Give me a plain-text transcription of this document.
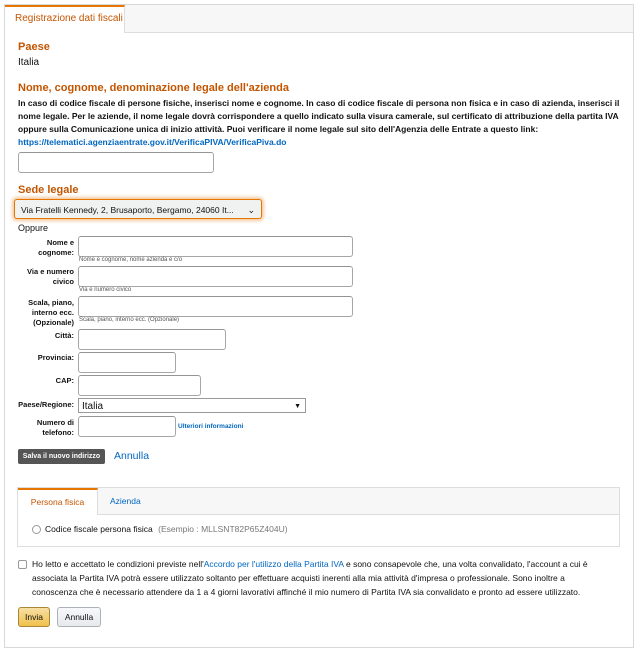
Registrazione dati fiscali
Paese
Italia
Nome, cognome, denominazione legale dell'azienda
In caso di codice fiscale di persone fisiche, inserisci nome e cognome. In caso di codice fiscale di persona non fisica e in caso di azienda, inserisci il nome legale. Per le aziende, il nome legale dovrà corrispondere a quello indicato sulla visura camerale, sul certificato di attribuzione della partita IVA oppure sulla Comunicazione unica di inizio attività. Puoi verificare il nome legale sul sito dell'Agenzia delle Entrate a questo link:
https://telematici.agenziaentrate.gov.it/VerificaPIVA/VerificaPiva.do
Sede legale
Via Fratelli Kennedy, 2, Brusaporto, Bergamo, 24060 It... ⌄
Oppure
Nome e cognome:
Nome e cognome, nome azienda e c/o
Via e numero civico
Via e numero civico
Scala, piano, interno ecc. (Opzionale) Scala, piano, interno ecc. (Opzionale)
Città:
Provincia:
CAP:
Paese/Regione: Italia	▼
Numero di telefono:
Ulteriori informazioni
Salva il nuovo indirizzo	Annulla
Persona fisica	Azienda
Codice fiscale persona fisica (Esempio : MLLSNT82P65Z404U)
Ho letto e accettato le condizioni previste nell'Accordo per l'utilizzo della Partita IVA e sono consapevole che, una volta convalidato, l'account a cui è associata la Partita IVA potrà essere utilizzato soltanto per effettuare acquisti inerenti alla mia attività d'impresa o professionale. Sono inoltre a conoscenza che è necessario attendere da 1 a 4 giorni lavorativi affinché il mio numero di Partita IVA sia convalidato e pronto ad essere utilizzato.
Invia	Annulla
